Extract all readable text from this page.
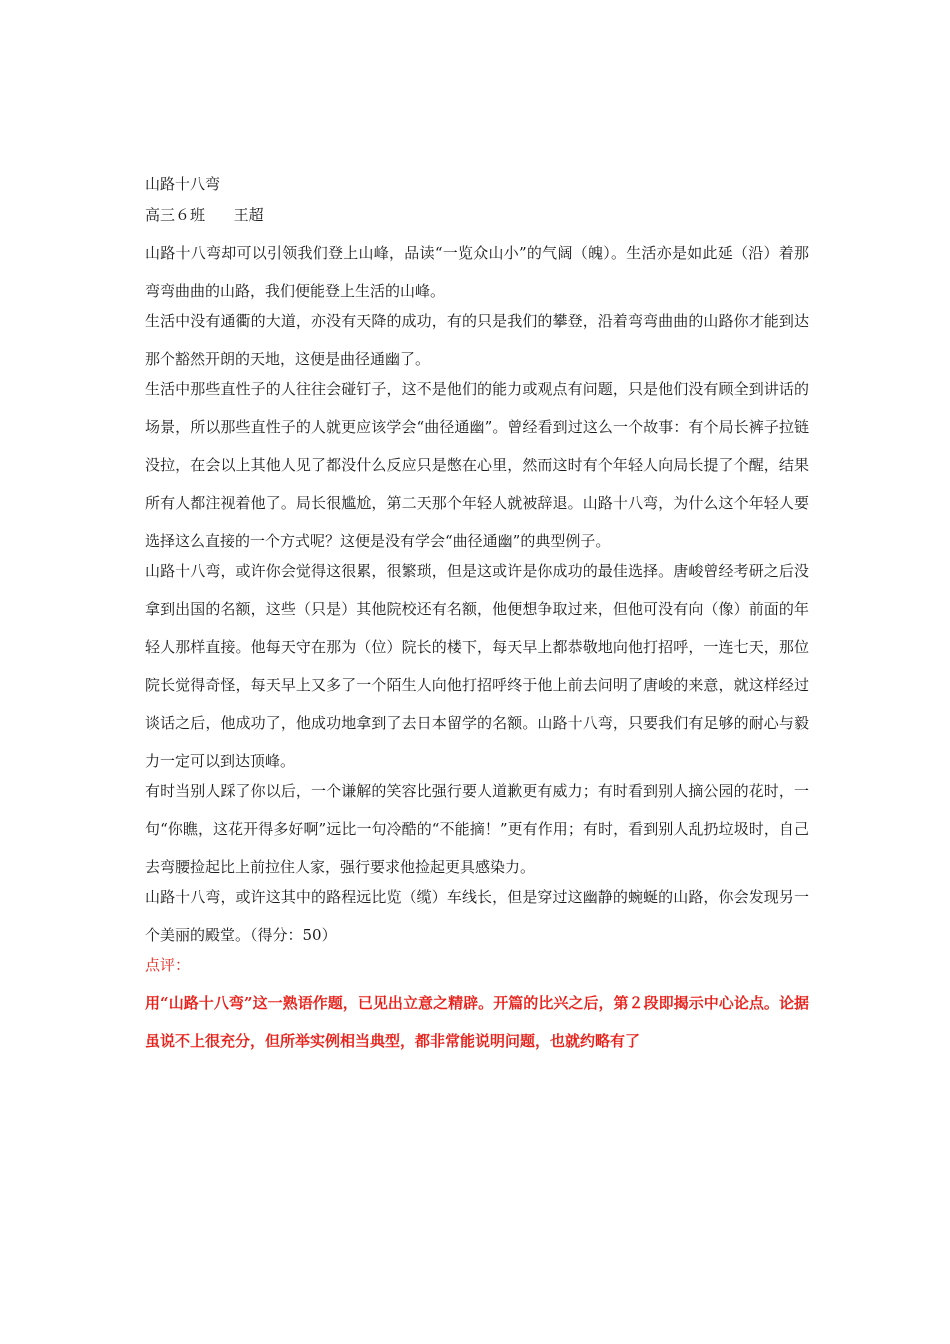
山路十八弯

高三６班      王超

山路十八弯却可以引领我们登上山峰，品读“一览众山小”的气阔（魄）。生活亦是如此延（沿）着那弯弯曲曲的山路，我们便能登上生活的山峰。

生活中没有通衢的大道，亦没有天降的成功，有的只是我们的攀登，沿着弯弯曲曲的山路你才能到达那个豁然开朗的天地，这便是曲径通幽了。

生活中那些直性子的人往往会碰钉子，这不是他们的能力或观点有问题，只是他们没有顾全到讲话的场景，所以那些直性子的人就更应该学会“曲径通幽”。曾经看到过这么一个故事：有个局长裤子拉链没拉，在会以上其他人见了都没什么反应只是憋在心里，然而这时有个年轻人向局长提了个醒，结果所有人都注视着他了。局长很尴尬，第二天那个年轻人就被辞退。山路十八弯，为什么这个年轻人要选择这么直接的一个方式呢？这便是没有学会“曲径通幽”的典型例子。

山路十八弯，或许你会觉得这很累，很繁琐，但是这或许是你成功的最佳选择。唐峻曾经考研之后没拿到出国的名额，这些（只是）其他院校还有名额，他便想争取过来，但他可没有向（像）前面的年轻人那样直接。他每天守在那为（位）院长的楼下，每天早上都恭敬地向他打招呼，一连七天，那位院长觉得奇怪，每天早上又多了一个陌生人向他打招呼终于他上前去问明了唐峻的来意，就这样经过谈话之后，他成功了，他成功地拿到了去日本留学的名额。山路十八弯，只要我们有足够的耐心与毅力一定可以到达顶峰。

有时当别人踩了你以后，一个谦解的笑容比强行要人道歉更有威力；有时看到别人摘公园的花时，一句“你瞧，这花开得多好啊”远比一句冷酷的“不能摘！”更有作用；有时，看到别人乱扔垃圾时，自己去弯腰捡起比上前拉住人家，强行要求他捡起更具感染力。

山路十八弯，或许这其中的路程远比览（缆）车线长，但是穿过这幽静的蜿蜒的山路，你会发现另一个美丽的殿堂。（得分：50）

点评：

用“山路十八弯”这一熟语作题，已见出立意之精辟。开篇的比兴之后，第２段即揭示中心论点。论据虽说不上很充分，但所举实例相当典型，都非常能说明问题，也就约略有了
